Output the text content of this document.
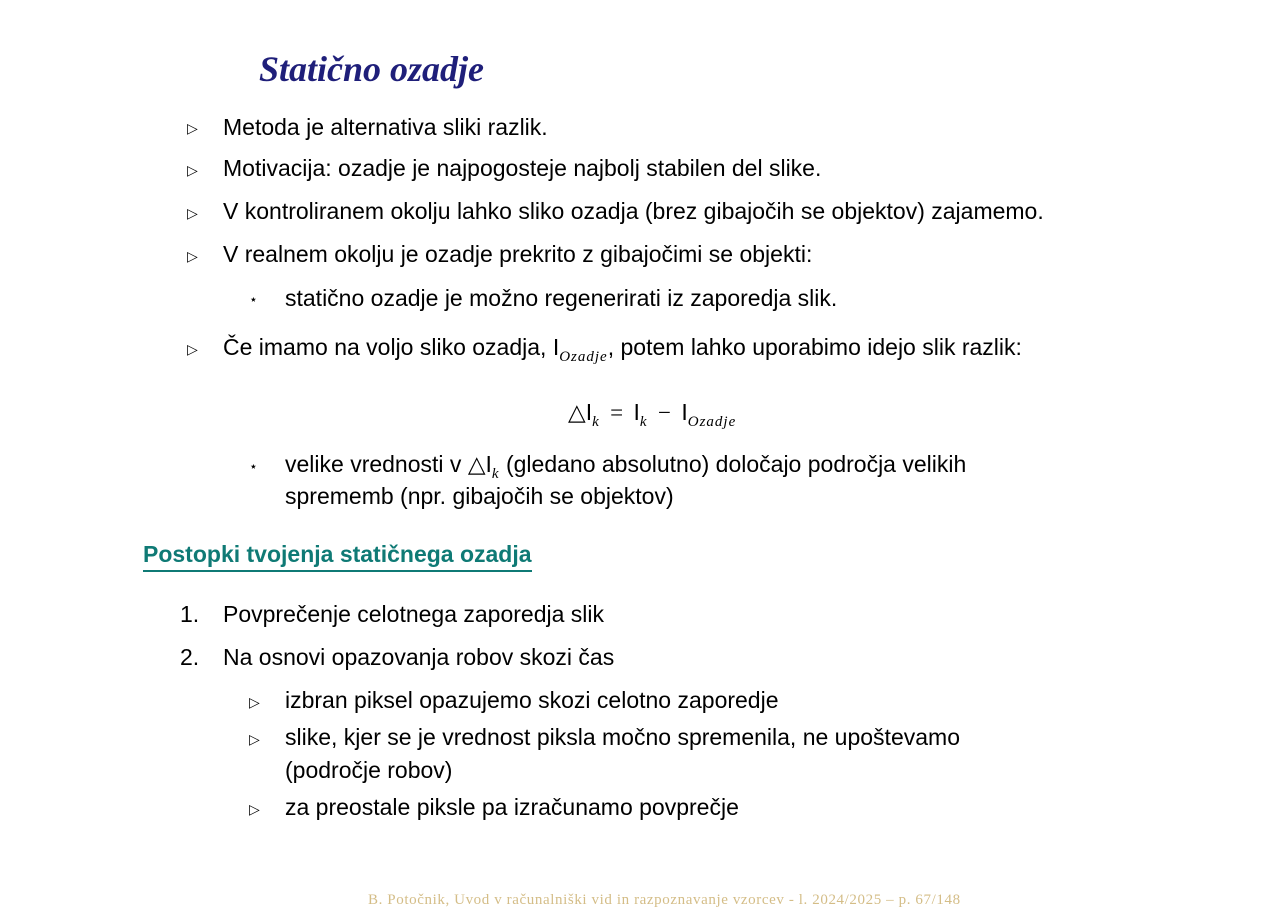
Statično ozadje
▷ Metoda je alternativa sliki razlik.
▷ Motivacija: ozadje je najpogosteje najbolj stabilen del slike.
▷ V kontroliranem okolju lahko sliko ozadja (brez gibajočih se objektov) zajamemo.
▷ V realnem okolju je ozadje prekrito z gibajočimi se objekti:
⋆ statično ozadje je možno regenerirati iz zaporedja slik.
▷ Če imamo na voljo sliko ozadja, $I_{Ozadje}$, potem lahko uporabimo idejo slik razlik:
$\triangle I_k = I_k - I_{Ozadje}$
⋆ velike vrednosti v $\triangle I_k$ (gledano absolutno) določajo področja velikih
sprememb (npr. gibajočih se objektov)
Postopki tvojenja statičnega ozadja
1. Povprečenje celotnega zaporedja slik
2. Na osnovi opazovanja robov skozi čas
▷ izbran piksel opazujemo skozi celotno zaporedje
▷ slike, kjer se je vrednost piksla močno spremenila, ne upoštevamo
(področje robov)
▷ za preostale piksle pa izračunamo povprečje
B. Potočnik, Uvod v računalniški vid in razpoznavanje vzorcev - l. 2024/2025 – p. 67/148
